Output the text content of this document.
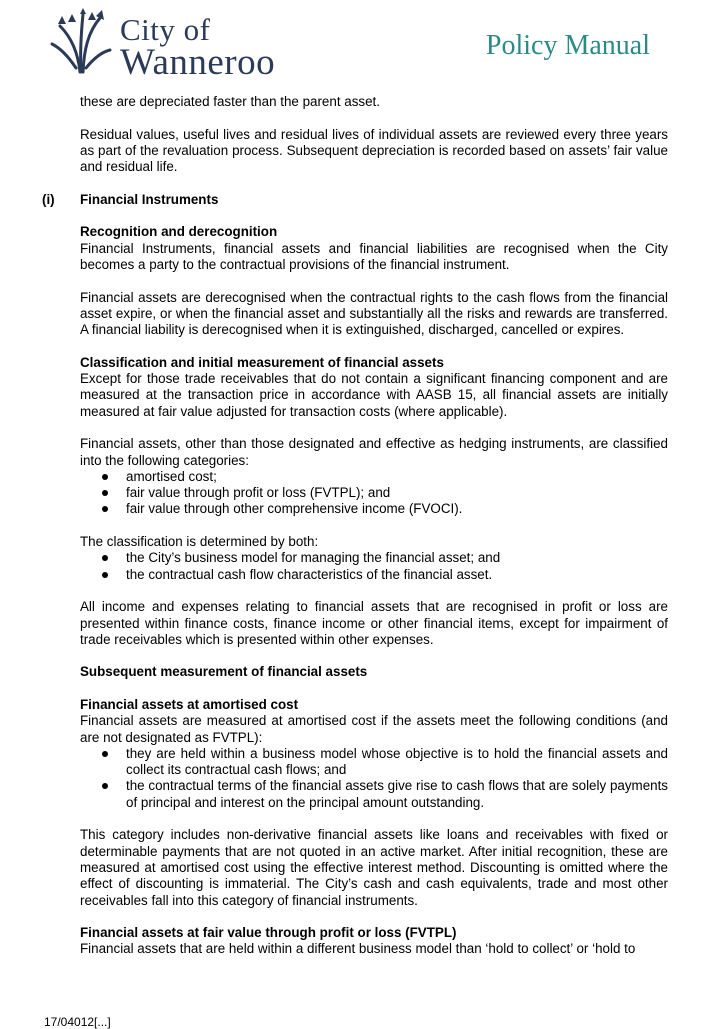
City of
Wanneroo	Policy Manual

these are depreciated faster than the parent asset.

Residual values, useful lives and residual lives of individual assets are reviewed every three years as part of the revaluation process. Subsequent depreciation is recorded based on assets’ fair value and residual life.

(i) Financial Instruments

Recognition and derecognition

Financial Instruments, financial assets and financial liabilities are recognised when the City becomes a party to the contractual provisions of the financial instrument.

Financial assets are derecognised when the contractual rights to the cash flows from the financial asset expire, or when the financial asset and substantially all the risks and rewards are transferred. A financial liability is derecognised when it is extinguished, discharged, cancelled or expires.

Classification and initial measurement of financial assets

Except for those trade receivables that do not contain a significant financing component and are measured at the transaction price in accordance with AASB 15, all financial assets are initially measured at fair value adjusted for transaction costs (where applicable).

Financial assets, other than those designated and effective as hedging instruments, are classified into the following categories:

amortised cost;
fair value through profit or loss (FVTPL); and
fair value through other comprehensive income (FVOCI).

The classification is determined by both:

the City’s business model for managing the financial asset; and
the contractual cash flow characteristics of the financial asset.

All income and expenses relating to financial assets that are recognised in profit or loss are presented within finance costs, finance income or other financial items, except for impairment of trade receivables which is presented within other expenses.

Subsequent measurement of financial assets

Financial assets at amortised cost

Financial assets are measured at amortised cost if the assets meet the following conditions (and are not designated as FVTPL):

they are held within a business model whose objective is to hold the financial assets and collect its contractual cash flows; and
the contractual terms of the financial assets give rise to cash flows that are solely payments of principal and interest on the principal amount outstanding.

This category includes non-derivative financial assets like loans and receivables with fixed or determinable payments that are not quoted in an active market. After initial recognition, these are measured at amortised cost using the effective interest method. Discounting is omitted where the effect of discounting is immaterial. The City’s cash and cash equivalents, trade and most other receivables fall into this category of financial instruments.

Financial assets at fair value through profit or loss (FVTPL)

Financial assets that are held within a different business model than ‘hold to collect’ or ‘hold to

17/04012[...]
